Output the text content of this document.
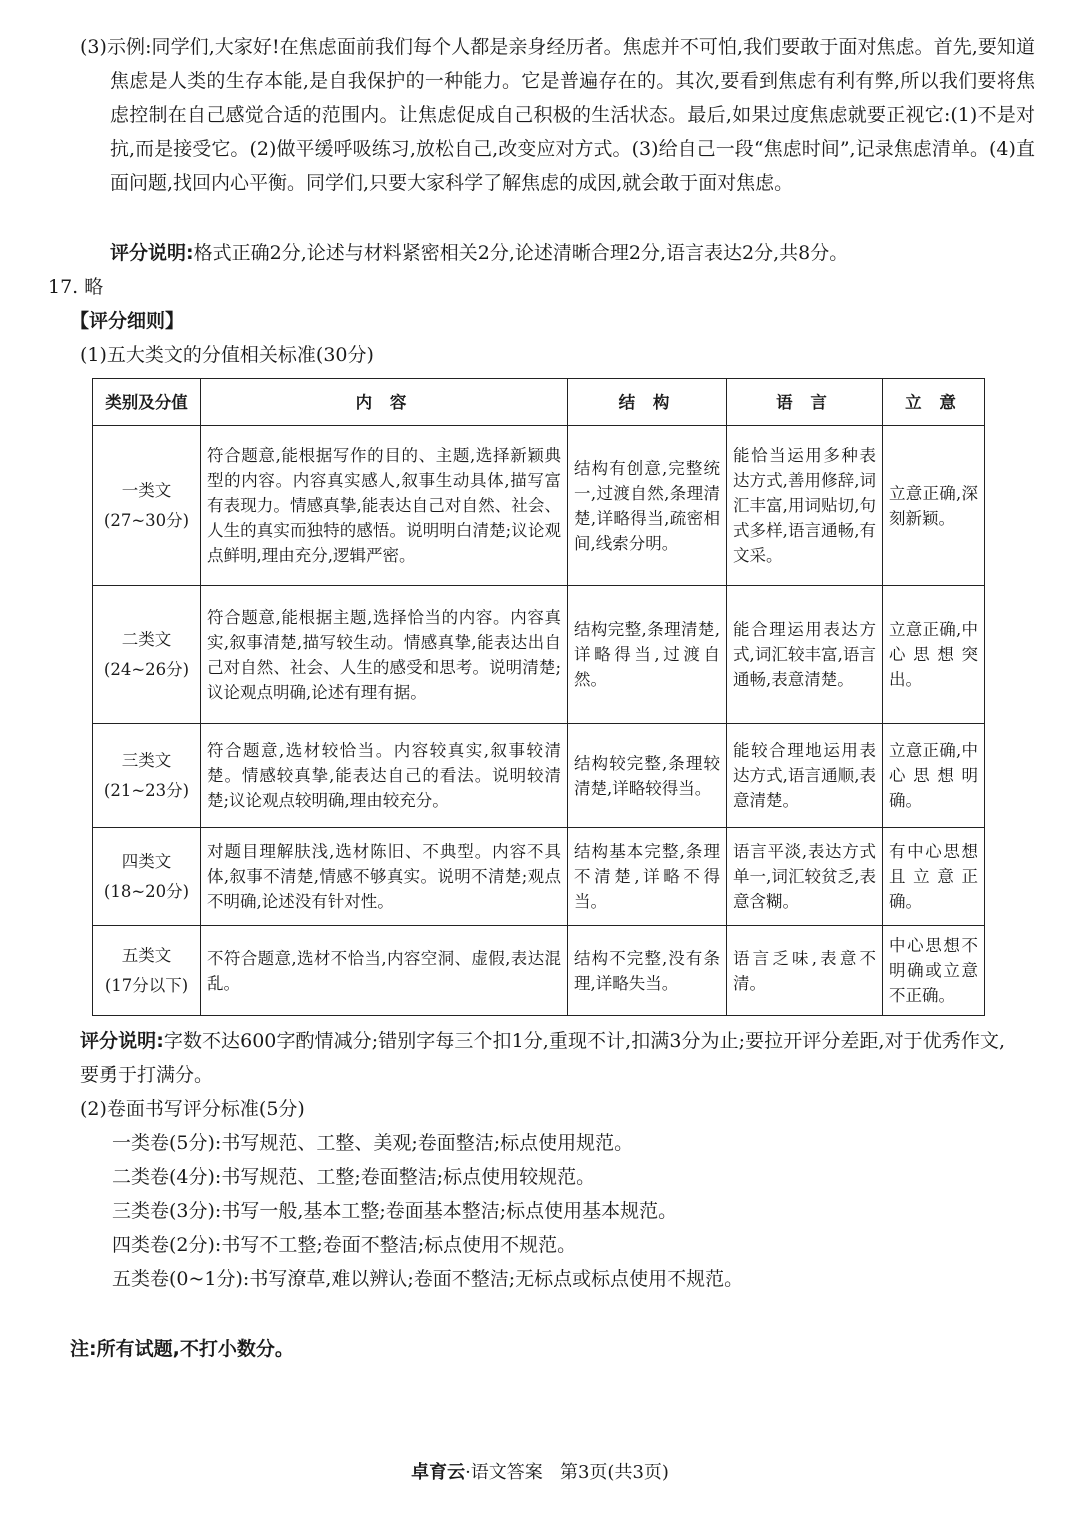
(3)示例:同学们,大家好!在焦虑面前我们每个人都是亲身经历者。焦虑并不可怕,我们要敢于面对焦虑。首先,要知道焦虑是人类的生存本能,是自我保护的一种能力。它是普遍存在的。其次,要看到焦虑有利有弊,所以我们要将焦虑控制在自己感觉合适的范围内。让焦虑促成自己积极的生活状态。最后,如果过度焦虑就要正视它:(1)不是对抗,而是接受它。(2)做平缓呼吸练习,放松自己,改变应对方式。(3)给自己一段“焦虑时间”,记录焦虑清单。(4)直面问题,找回内心平衡。同学们,只要大家科学了解焦虑的成因,就会敢于面对焦虑。
评分说明:格式正确2分,论述与材料紧密相关2分,论述清晰合理2分,语言表达2分,共8分。
17. 略
【评分细则】
(1)五大类文的分值相关标准(30分)
类别及分值	内 容	结 构	语 言	立 意

一类文
(27~30分)	符合题意,能根据写作的目的、主题,选择新颖典型的内容。内容真实感人,叙事生动具体,描写富有表现力。情感真挚,能表达自己对自然、社会、人生的真实而独特的感悟。说明明白清楚;议论观点鲜明,理由充分,逻辑严密。	结构有创意,完整统一,过渡自然,条理清楚,详略得当,疏密相间,线索分明。	能恰当运用多种表达方式,善用修辞,词汇丰富,用词贴切,句式多样,语言通畅,有文采。	立意正确,深刻新颖。

二类文
(24~26分)	符合题意,能根据主题,选择恰当的内容。内容真实,叙事清楚,描写较生动。情感真挚,能表达出自己对自然、社会、人生的感受和思考。说明清楚;议论观点明确,论述有理有据。	结构完整,条理清楚,详略得当,过渡自然。	能合理运用表达方式,词汇较丰富,语言通畅,表意清楚。	立意正确,中心思想突出。

三类文
(21~23分)	符合题意,选材较恰当。内容较真实,叙事较清楚。情感较真挚,能表达自己的看法。说明较清楚;议论观点较明确,理由较充分。	结构较完整,条理较清楚,详略较得当。	能较合理地运用表达方式,语言通顺,表意清楚。	立意正确,中心思想明确。

四类文
(18~20分)	对题目理解肤浅,选材陈旧、不典型。内容不具体,叙事不清楚,情感不够真实。说明不清楚;观点不明确,论述没有针对性。	结构基本完整,条理不清楚,详略不得当。	语言平淡,表达方式单一,词汇较贫乏,表意含糊。	有中心思想且立意正确。

五类文
(17分以下)	不符合题意,选材不恰当,内容空洞、虚假,表达混乱。	结构不完整,没有条理,详略失当。	语言乏味,表意不清。	中心思想不明确或立意不正确。
评分说明:字数不达600字酌情减分;错别字每三个扣1分,重现不计,扣满3分为止;要拉开评分差距,对于优秀作文,要勇于打满分。
(2)卷面书写评分标准(5分)
一类卷(5分):书写规范、工整、美观;卷面整洁;标点使用规范。
二类卷(4分):书写规范、工整;卷面整洁;标点使用较规范。
三类卷(3分):书写一般,基本工整;卷面基本整洁;标点使用基本规范。
四类卷(2分):书写不工整;卷面不整洁;标点使用不规范。
五类卷(0~1分):书写潦草,难以辨认;卷面不整洁;无标点或标点使用不规范。
注:所有试题,不打小数分。
卓育云·语文答案   第3页(共3页)
